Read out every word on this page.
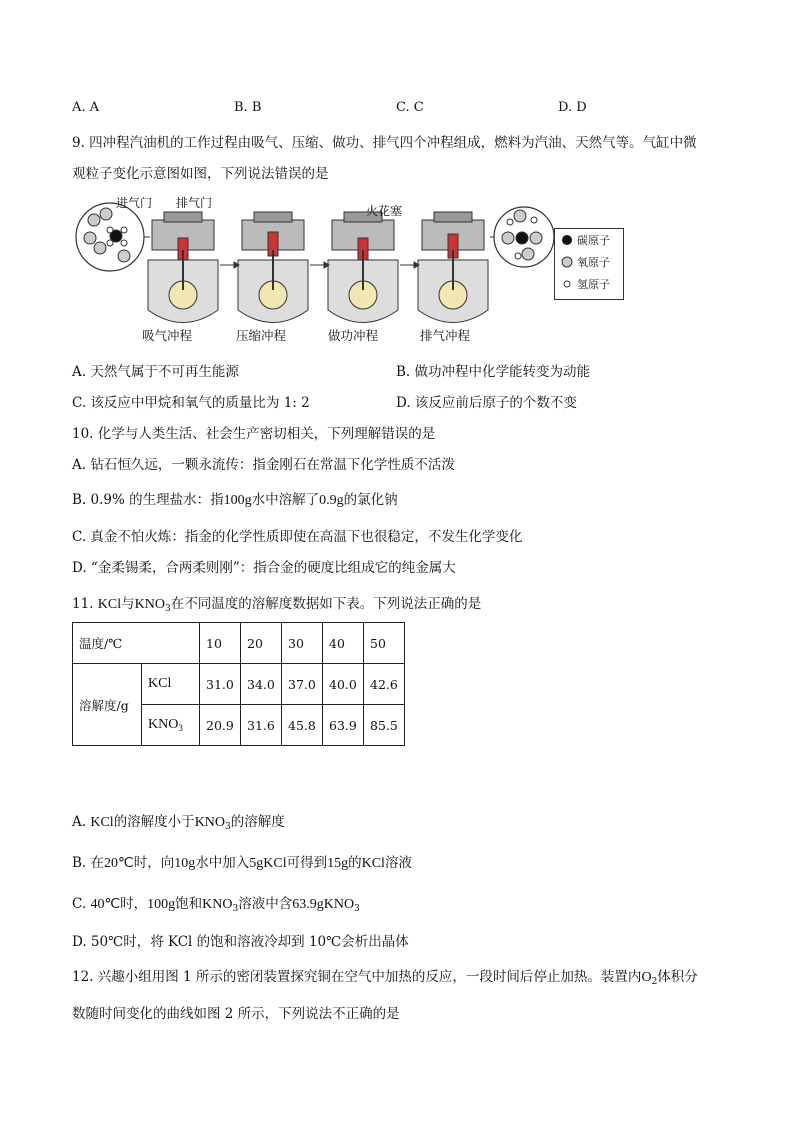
A. A	B. B	C. C	D. D
9. 四冲程汽油机的工作过程由吸气、压缩、做功、排气四个冲程组成，燃料为汽油、天然气等。气缸中微
观粒子变化示意图如图，下列说法错误的是
进气门 排气门
火花塞
吸气冲程	压缩冲程	做功冲程	排气冲程
碳原子
氧原子
氢原子
A. 天然气属于不可再生能源	B. 做功冲程中化学能转变为动能
C. 该反应中甲烷和氧气的质量比为 1: 2	D. 该反应前后原子的个数不变
10. 化学与人类生活、社会生产密切相关，下列理解错误的是
A. 钻石恒久远，一颗永流传：指金刚石在常温下化学性质不活泼
B. 0.9% 的生理盐水：指100g水中溶解了0.9g的氯化钠
C. 真金不怕火炼：指金的化学性质即使在高温下也很稳定，不发生化学变化
D. “金柔锡柔，合两柔则刚”：指合金的硬度比组成它的纯金属大
11. KCl与$KNO_3$在不同温度的溶解度数据如下表。下列说法正确的是
温度/℃		10	20	30	40	50
溶解度/g	KCl	31.0	34.0	37.0	40.0	42.6
	$KNO_3$	20.9	31.6	45.8	63.9	85.5
A. KCl的溶解度小于$KNO_3$的溶解度
B. 在20℃时，向10g水中加入5gKCl可得到15g的KCl溶液
C. 40℃时，100g饱和$KNO_3$溶液中含63.9gKNO$_3$
D. 50℃时，将 KCl 的饱和溶液冷却到 10℃会析出晶体
12. 兴趣小组用图 1 所示的密闭装置探究铜在空气中加热的反应，一段时间后停止加热。装置内$O_2$体积分
数随时间变化的曲线如图 2 所示，下列说法不正确的是
